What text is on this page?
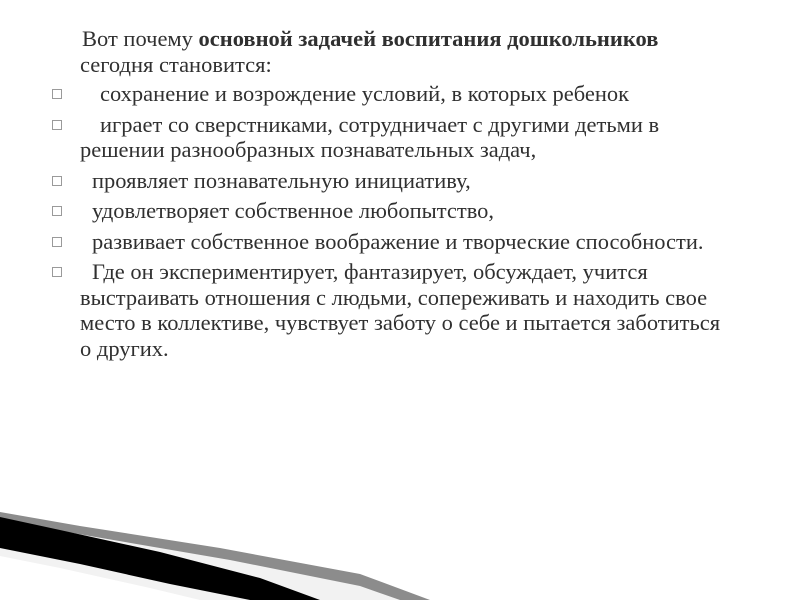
Вот почему основной задачей воспитания дошкольников сегодня становится:

сохранение и возрождение условий, в которых ребенок
играет со сверстниками, сотрудничает с другими детьми в решении разнообразных познавательных задач,
проявляет познавательную инициативу,
удовлетворяет собственное любопытство,
развивает собственное воображение и творческие способности.
Где он экспериментирует, фантазирует, обсуждает, учится выстраивать отношения с людьми, сопереживать и находить свое место в коллективе, чувствует заботу о себе и пытается заботиться о других.
